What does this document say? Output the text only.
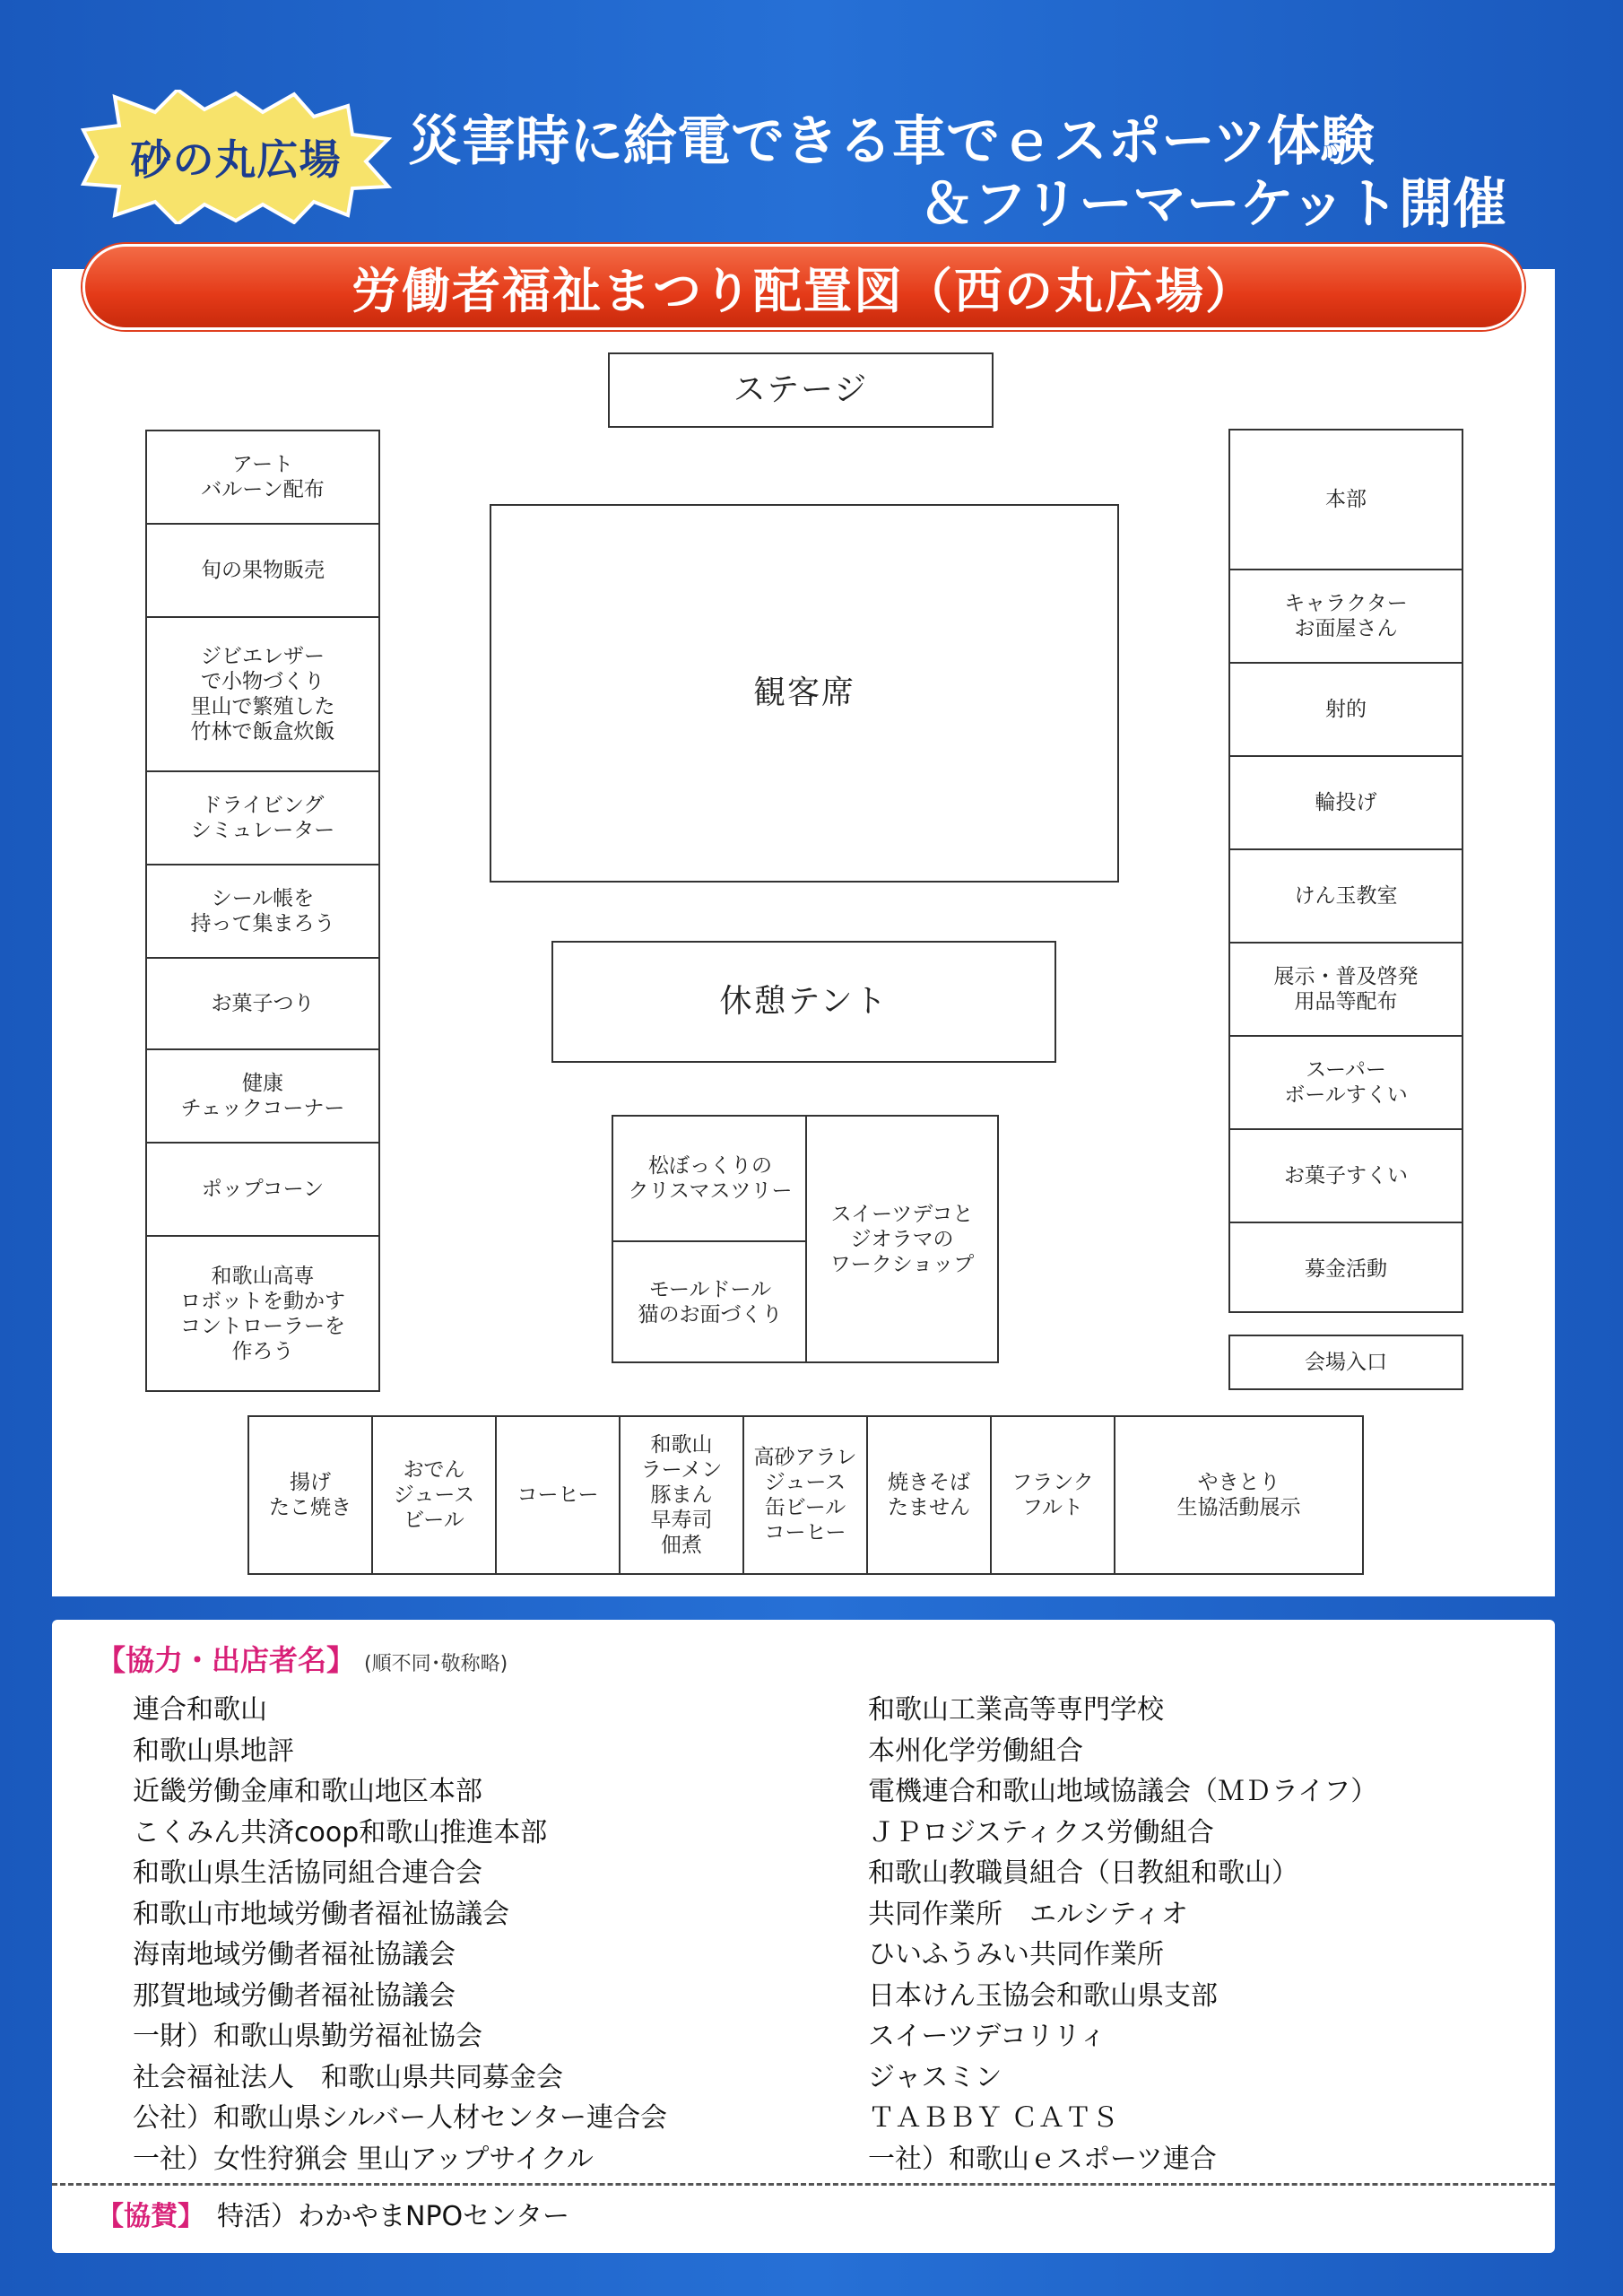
砂の丸広場	災害時に給電できる車でｅスポーツ体験
＆フリーマーケット開催
労働者福祉まつり配置図（西の丸広場）
ステージ
観客席
休憩テント
アート
バルーン配布
旬の果物販売
ジビエレザー
で小物づくり
里山で繁殖した
竹林で飯盒炊飯
ドライビング
シミュレーター
シール帳を
持って集まろう
お菓子つり
健康
チェックコーナー
ポップコーン
和歌山高専
ロボットを動かす
コントローラーを
作ろう
本部
キャラクター
お面屋さん
射的
輪投げ
けん玉教室
展示・普及啓発
用品等配布
スーパー
ボールすくい
お菓子すくい
募金活動
会場入口
松ぼっくりの
クリスマスツリー
モールドール
猫のお面づくり
スイーツデコと
ジオラマの
ワークショップ
揚げ
たこ焼き
おでん
ジュース
ビール
コーヒー
和歌山
ラーメン
豚まん
早寿司
佃煮
高砂アラレ
ジュース
缶ビール
コーヒー
焼きそば
たません
フランク
フルト
やきとり
生協活動展示
【協力・出店者名】 (順不同･敬称略)
連合和歌山
和歌山県地評
近畿労働金庫和歌山地区本部
こくみん共済coop和歌山推進本部
和歌山県生活協同組合連合会
和歌山市地域労働者福祉協議会
海南地域労働者福祉協議会
那賀地域労働者福祉協議会
一財）和歌山県勤労福祉協会
社会福祉法人　和歌山県共同募金会
公社）和歌山県シルバー人材センター連合会
一社）女性狩猟会 里山アップサイクル
和歌山工業高等専門学校
本州化学労働組合
電機連合和歌山地域協議会（ＭＤライフ）
ＪＰロジスティクス労働組合
和歌山教職員組合（日教組和歌山）
共同作業所　エルシティオ
ひいふうみい共同作業所
日本けん玉協会和歌山県支部
スイーツデコリリィ
ジャスミン
ＴＡＢＢＹ ＣＡＴＳ
一社）和歌山ｅスポーツ連合
【協賛】 特活）わかやまNPOセンター
